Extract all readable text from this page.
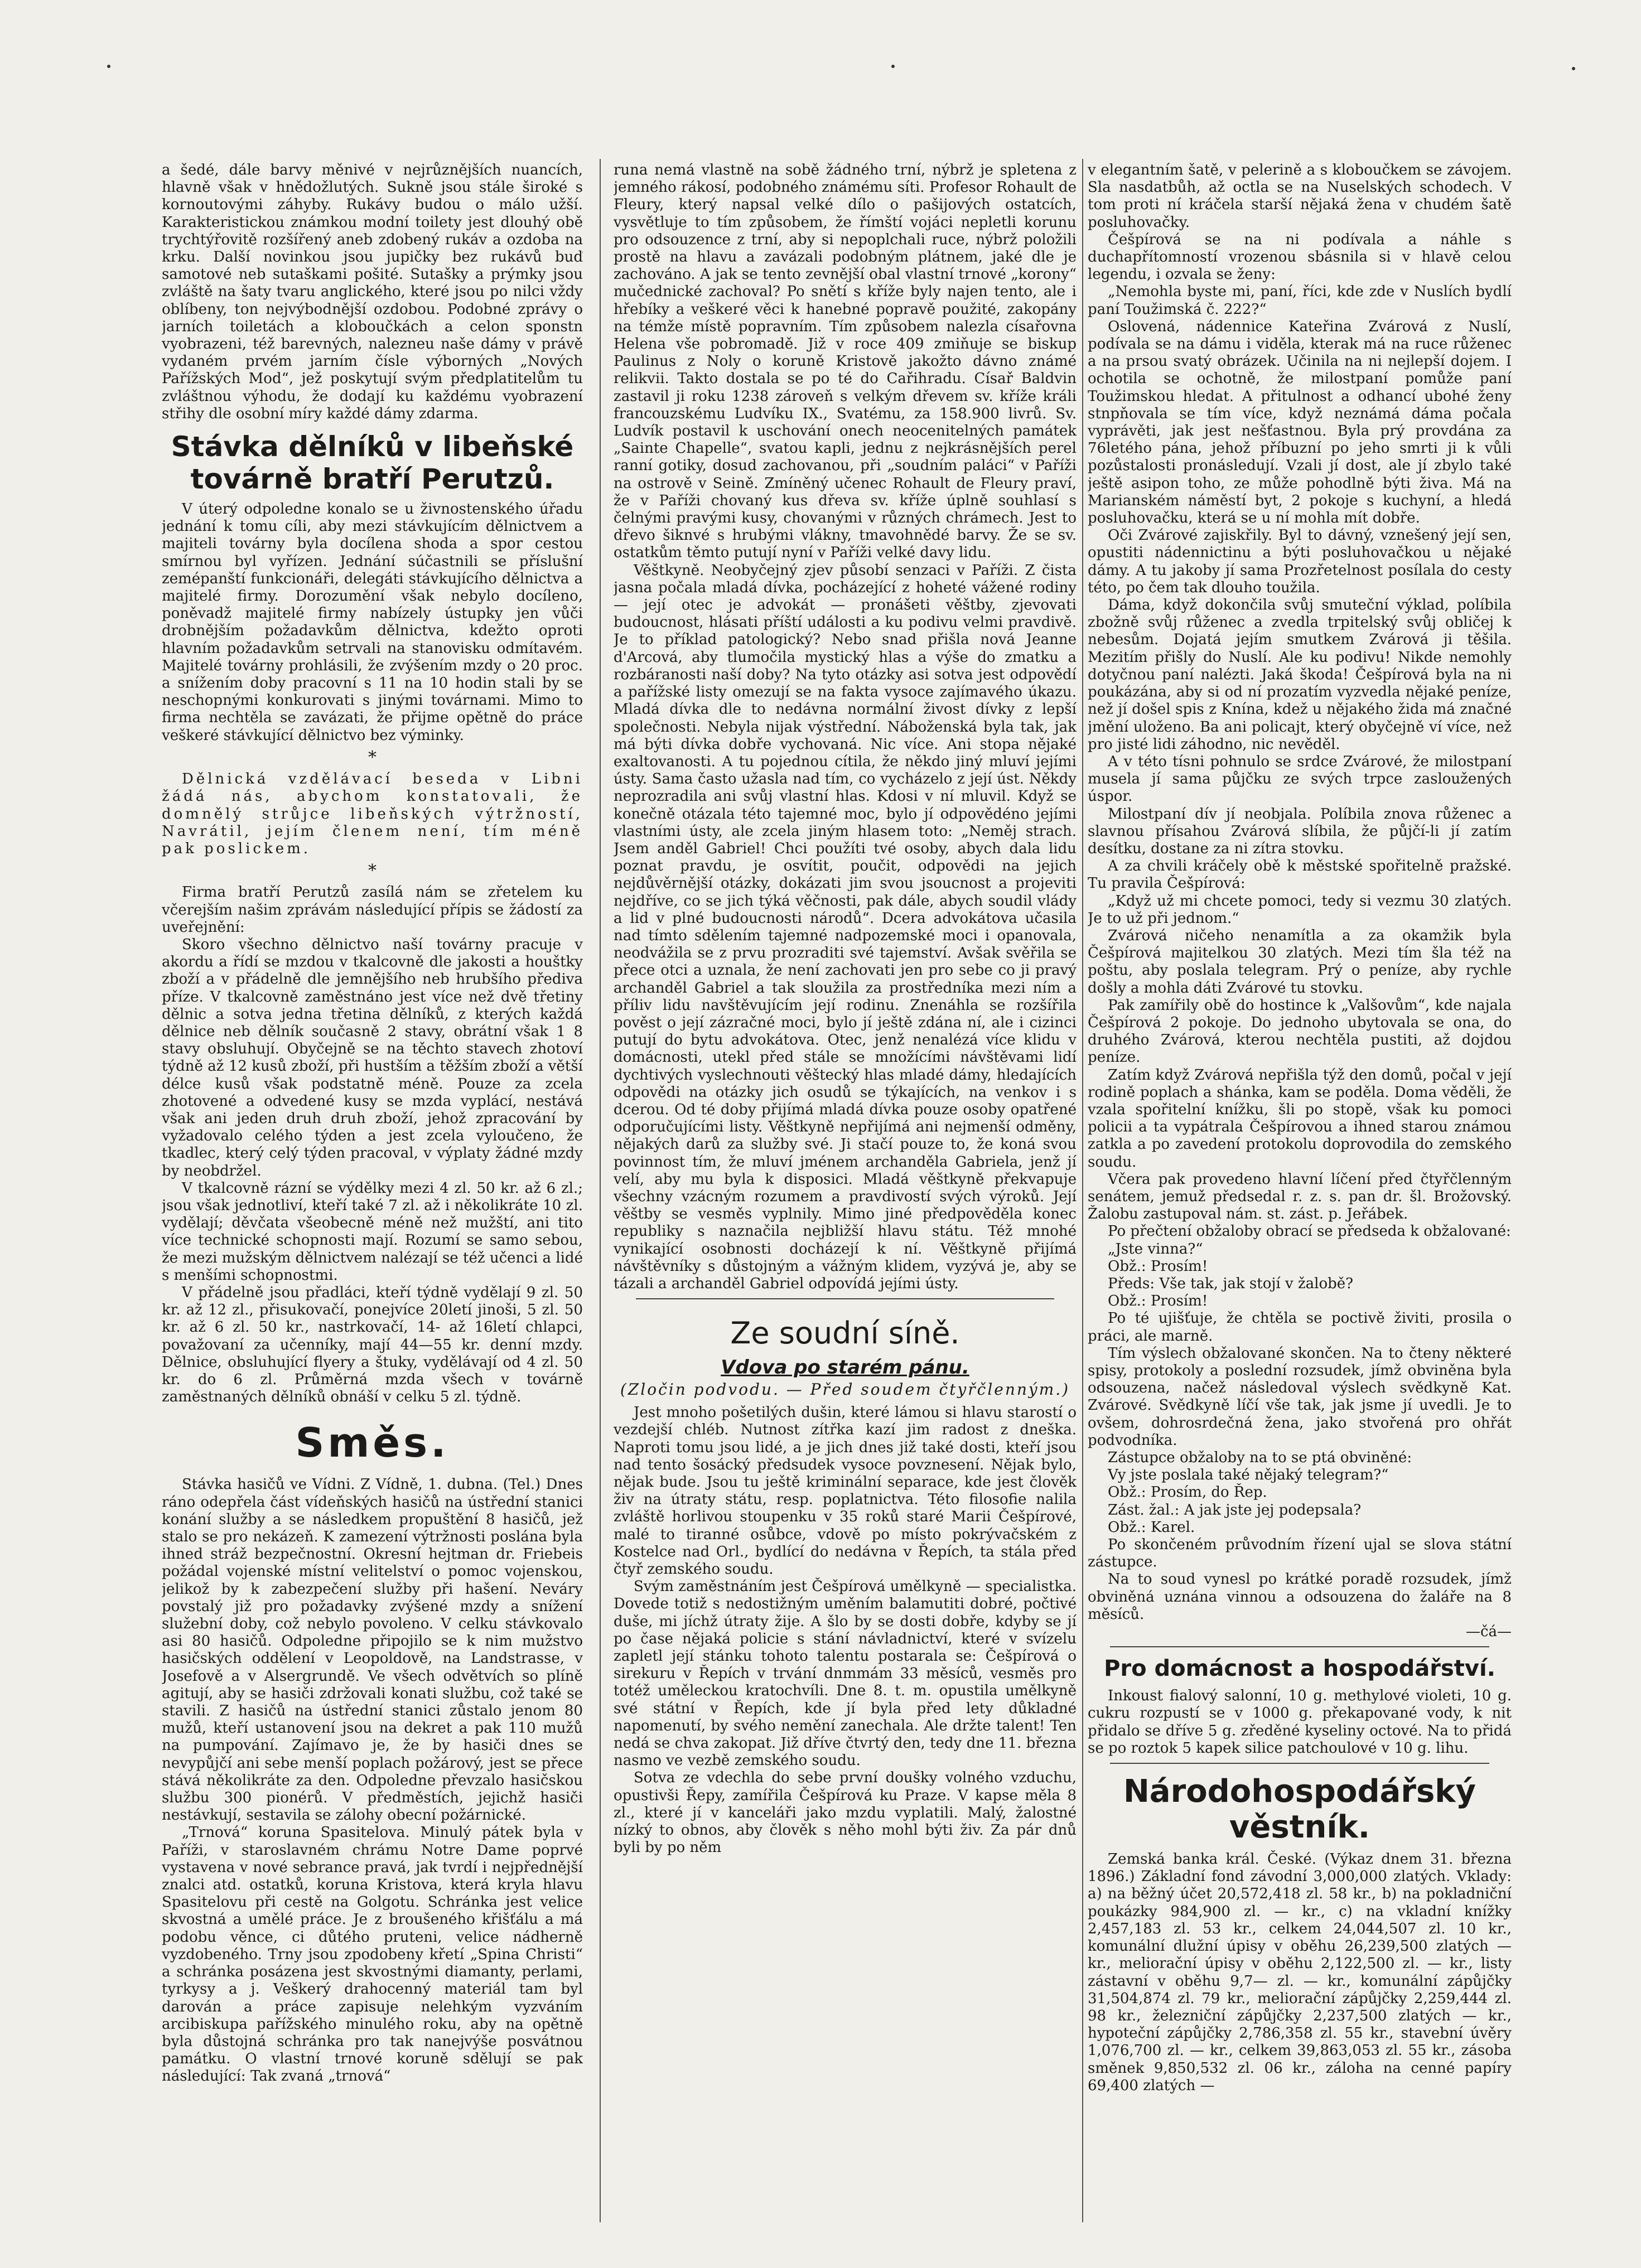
a šedé, dále barvy měnivé v nejrůznějších nuancích, hlavně však v hnědožlutých. Sukně jsou stále široké s kornoutovými záhyby. Rukávy budou o málo užší. Karakteristickou známkou modní toilety jest dlouhý obě trychtýřovitě rozšířený aneb zdobený rukáv a ozdoba na krku. Další novinkou jsou jupičky bez rukávů buď samotové neb sutaškami pošité. Sutašky a prýmky jsou zvláště na šaty tvaru anglického, které jsou po nilci vždy oblíbeny, ton nejvýbodnější ozdobou. Podobné zprávy o jarních toiletách a kloboučkách a celon sponstn vyobrazeni, též barevných, nalezneu naše dámy v právě vydaném prvém jarním čísle výborných „Nových Pařížských Mod“, jež poskytují svým předplatitelům tu zvláštnou výhodu, že dodají ku každému vyobrazení střihy dle osobní míry každé dámy zdarma.

Stávka dělníků v libeňské továrně bratří Perutzů.

V úterý odpoledne konalo se u živnostenského úřadu jednání k tomu cíli, aby mezi stávkujícím dělnictvem a majiteli továrny byla docílena shoda a spor cestou smírnou byl vyřízen. Jednání súčastnili se příslušní zemépanští funkcionáři, delegáti stávkujícího dělnictva a majitelé firmy. Dorozumění však nebylo docíleno, poněvadž majitelé firmy nabízely ústupky jen vůči drobnějším požadavkům dělnictva, kdežto oproti hlavním požadavkům setrvali na stanovisku odmítavém. Majitelé továrny prohlásili, že zvýšením mzdy o 20 proc. a snížením doby pracovní s 11 na 10 hodin stali by se neschopnými konkurovati s jinými továrnami. Mimo to firma nechtěla se zavázati, že přijme opětně do práce veškeré stávkující dělnictvo bez výminky.

*

Dělnická vzdělávací beseda v Libni žádá nás, abychom konstatovali, že domnělý strůjce libeňských výtržností, Navrátil, jejím členem není, tím méně pak poslickem.

*

Firma bratří Perutzů zasílá nám se zřetelem ku včerejším našim zprávám následující přípis se žádostí za uveřejnění:

Skoro všechno dělnictvo naší továrny pracuje v akordu a řídí se mzdou v tkalcovně dle jakosti a houštky zboží a v přádelně dle jemnějšího neb hrubšího přediva příze. V tkalcovně zaměstnáno jest více než dvě třetiny dělnic a sotva jedna třetina dělníků, z kterých každá dělnice neb dělník současně 2 stavy, obrátní však 1 8 stavy obsluhují. Obyčejně se na těchto stavech zhotoví týdně až 12 kusů zboží, při hustším a těžším zboží a větší délce kusů však podstatně méně. Pouze za zcela zhotovené a odvedené kusy se mzda vyplácí, nestává však ani jeden druh druh zboží, jehož zpracování by vyžadovalo celého týden a jest zcela vyloučeno, že tkadlec, který celý týden pracoval, v výplaty žádné mzdy by neobdržel.

V tkalcovně rázní se výdělky mezi 4 zl. 50 kr. až 6 zl.; jsou však jednotliví, kteří také 7 zl. až i několikráte 10 zl. vydělají; děvčata všeobecně méně než mužští, ani tito více technické schopnosti mají. Rozumí se samo sebou, že mezi mužským dělnictvem nalézají se též učenci a lidé s menšími schopnostmi.

V přádelně jsou přadláci, kteří týdně vydělají 9 zl. 50 kr. až 12 zl., přisukovačí, ponejvíce 20letí jinoši, 5 zl. 50 kr. až 6 zl. 50 kr., nastrkovačí, 14- až 16letí chlapci, považovaní za učenníky, mají 44—55 kr. denní mzdy. Dělnice, obsluhující flyery a štuky, vydělávají od 4 zl. 50 kr. do 6 zl. Průměrná mzda všech v továrně zaměstnaných dělníků obnáší v celku 5 zl. týdně.

Směs.

Stávka hasičů ve Vídni. Z Vídně, 1. dubna. (Tel.) Dnes ráno odepřela část vídeňských hasičů na ústřední stanici konání služby a se následkem propuštění 8 hasičů, jež stalo se pro nekázeň. K zamezení výtržnosti poslána byla ihned stráž bezpečnostní. Okresní hejtman dr. Friebeis požádal vojenské místní velitelství o pomoc vojenskou, jelikož by k zabezpečení služby při hašení. Neváry povstalý již pro požadavky zvýšené mzdy a snížení služební doby, což nebylo povoleno. V celku stávkovalo asi 80 hasičů. Odpoledne připojilo se k nim mužstvo hasičských oddělení v Leopoldově, na Landstrasse, v Josefově a v Alsergrundě. Ve všech odvětvích so plíně agitují, aby se hasiči zdržovali konati službu, což také se stavili. Z hasičů na ústřední stanici zůstalo jenom 80 mužů, kteří ustanovení jsou na dekret a pak 110 mužů na pumpování. Zajímavo je, že by hasiči dnes se nevypůjčí ani sebe menší poplach požárový, jest se přece stává několikráte za den. Odpoledne převzalo hasičskou službu 300 pionérů. V předměstích, jejichž hasiči nestávkují, sestavila se zálohy obecní požárnické.

„Trnová“ koruna Spasitelova. Minulý pátek byla v Paříži, v staroslavném chrámu Notre Dame poprvé vystavena v nové sebrance pravá, jak tvrdí i nejpřednější znalci atd. ostatků, koruna Kristova, která kryla hlavu Spasitelovu při cestě na Golgotu. Schránka jest velice skvostná a umělé práce. Je z broušeného křišťálu a má podobu věnce, ci důtého pruteni, velice nádherně vyzdobeného. Trny jsou zpodobeny křetí „Spina Christi“ a schránka posázena jest skvostnými diamanty, perlami, tyrkysy a j. Veškerý drahocenný materiál tam byl darován a práce zapisuje nelehkým vyzváním arcibiskupa pařížského minulého roku, aby na opětně byla důstojná schránka pro tak nanejvýše posvátnou památku. O vlastní trnové koruně sdělují se pak následující: Tak zvaná „trnová“

runa nemá vlastně na sobě žádného trní, nýbrž je spletena z jemného rákosí, podobného známému síti. Profesor Rohault de Fleury, který napsal velké dílo o pašijových ostatcích, vysvětluje to tím způsobem, že římští vojáci nepletli korunu pro odsouzence z trní, aby si nepoplchali ruce, nýbrž položili prostě na hlavu a zavázali podobným plátnem, jaké dle je zachováno. A jak se tento zevnější obal vlastní trnové „korony“ mučednické zachoval? Po snětí s kříže byly najen tento, ale i hřebíky a veškeré věci k hanebné popravě použité, zakopány na témže místě popravním. Tím způsobem nalezla císařovna Helena vše pobromadě. Již v roce 409 zmiňuje se biskup Paulinus z Noly o koruně Kristově jakožto dávno známé relikvii. Takto dostala se po té do Cařihradu. Císař Baldvin zastavil ji roku 1238 zároveň s velkým dřevem sv. kříže králi francouzskému Ludvíku IX., Svatému, za 158.900 livrů. Sv. Ludvík postavil k uschování onech neocenitelných památek „Sainte Chapelle“, svatou kapli, jednu z nejkrásnějších perel ranní gotiky, dosud zachovanou, při „soudním paláci“ v Paříži na ostrově v Seině. Zmíněný učenec Rohault de Fleury praví, že v Paříži chovaný kus dřeva sv. kříže úplně souhlasí s čelnými pravými kusy, chovanými v různých chrámech. Jest to dřevo šiknvé s hrubými vlákny, tmavohnědé barvy. Že se sv. ostatkům těmto putují nyní v Paříži velké davy lidu.

Věštkyně. Neobyčejný zjev působí senzaci v Paříži. Z čista jasna počala mladá dívka, pocházející z hoheté vážené rodiny — její otec je advokát — pronášeti věštby, zjevovati budoucnost, hlásati příští události a ku podivu velmi pravdivě. Je to příklad patologický? Nebo snad přišla nová Jeanne d'Arcová, aby tlumočila mystický hlas a výše do zmatku a rozbáranosti naší doby? Na tyto otázky asi sotva jest odpovědí a pařížské listy omezují se na fakta vysoce zajímavého úkazu. Mladá dívka dle to nedávna normální živost dívky z lepší společnosti. Nebyla nijak výstřední. Náboženská byla tak, jak má býti dívka dobře vychovaná. Nic více. Ani stopa nějaké exaltovanosti. A tu pojednou cítila, že někdo jiný mluví jejími ústy. Sama často užasla nad tím, co vycházelo z její úst. Někdy neprozradila ani svůj vlastní hlas. Kdosi v ní mluvil. Když se konečně otázala této tajemné moc, bylo jí odpovědéno jejími vlastními ústy, ale zcela jiným hlasem toto: „Neměj strach. Jsem anděl Gabriel! Chci použíti tvé osoby, abych dala lidu poznat pravdu, je osvítit, poučit, odpovědi na jejich nejdůvěrnější otázky, dokázati jim svou jsoucnost a projeviti nejdříve, co se jich týká věčnosti, pak dále, abych soudil vlády a lid v plné budoucnosti národů“. Dcera advokátova učasila nad tímto sdělením tajemné nadpozemské moci i opanovala, neodvážila se z prvu prozraditi své tajemství. Avšak svěřila se přece otci a uznala, že není zachovati jen pro sebe co ji pravý archanděl Gabriel a tak sloužila za prostředníka mezi ním a příliv lidu navštěvujícím její rodinu. Znenáhla se rozšířila pověst o její zázračné moci, bylo jí ještě zdána ní, ale i cizinci putují do bytu advokátova. Otec, jenž nenalézá více klidu v domácnosti, utekl před stále se množícími návštěvami lidí dychtivých vyslechnouti věštecký hlas mladé dámy, hledajících odpovědi na otázky jich osudů se týkajících, na venkov i s dcerou. Od té doby přijímá mladá dívka pouze osoby opatřené odporučujícími listy. Věštkyně nepřijímá ani nejmenší odměny, nějakých darů za služby své. Ji stačí pouze to, že koná svou povinnost tím, že mluví jménem archanděla Gabriela, jenž jí velí, aby mu byla k disposici. Mladá věštkyně překvapuje všechny vzácným rozumem a pravdivostí svých výroků. Její věštby se vesměs vyplnily. Mimo jiné předpověděla konec republiky s naznačila nejbližší hlavu státu. Též mnohé vynikající osobnosti docházejí k ní. Věštkyně přijímá návštěvníky s důstojným a vážným klidem, vyzývá je, aby se tázali a archanděl Gabriel odpovídá jejími ústy.

Ze soudní síně.
Vdova po starém pánu.
(Zločin podvodu. — Před soudem čtyřčlenným.)

Jest mnoho pošetilých dušin, které lámou si hlavu starostí o vezdejší chléb. Nutnost zítřka kazí jim radost z dneška. Naproti tomu jsou lidé, a je jich dnes již také dosti, kteří jsou nad tento šosácký předsudek vysoce povznesení. Nějak bylo, nějak bude. Jsou tu ještě kriminální separace, kde jest člověk živ na útraty státu, resp. poplatnictva. Této filosofie nalila zvláště horlivou stoupenku v 35 roků staré Marii Češpírové, malé to tiranné osůbce, vdově po místo pokrývačském z Kostelce nad Orl., bydlící do nedávna v Řepích, ta stála před čtyř zemského soudu.

Svým zaměstnáním jest Češpírová umělkyně — specialistka. Dovede totiž s nedostižným uměním balamutiti dobré, počtivé duše, mi jíchž útraty žije. A šlo by se dosti dobře, kdyby se jí po čase nějaká policie s stání návladnictví, které v svízelu zapletl její stánku tohoto talentu postarala se: Češpírová o sirekuru v Řepích v trvání dnmmám 33 měsíců, vesměs pro totéž uměleckou kratochvíli. Dne 8. t. m. opustila umělkyně své státní v Řepích, kde jí byla před lety důkladné napomenutí, by svého nemění zanechala. Ale držte talent! Ten nedá se chva zakopat. Již dříve čtvrtý den, tedy dne 11. března nasmo ve vezbě zemského soudu.

Sotva ze vdechla do sebe první doušky volného vzduchu, opustivši Řepy, zamířila Češpírová ku Praze. V kapse měla 8 zl., které jí v kanceláři jako mzdu vyplatili. Malý, žalostné nízký to obnos, aby člověk s něho mohl býti živ. Za pár dnů byli by po něm

v elegantním šatě, v pelerině a s kloboučkem se závojem. Sla nasdatbůh, až octla se na Nuselských schodech. V tom proti ní kráčela starší nějaká žena v chudém šatě posluhovačky.

Češpírová se na ni podívala a náhle s duchapřítomností vrozenou sbásnila si v hlavě celou legendu, i ozvala se ženy:

„Nemohla byste mi, paní, říci, kde zde v Nuslích bydlí paní Toužimská č. 222?“

Oslovená, nádennice Kateřina Zvárová z Nuslí, podívala se na dámu i viděla, kterak má na ruce růženec a na prsou svatý obrázek. Učinila na ni nejlepší dojem. I ochotila se ochotně, že milostpaní pomůže paní Toužimskou hledat. A přitulnost a odhancí ubohé ženy stnpňovala se tím více, když neznámá dáma počala vyprávěti, jak jest nešťastnou. Byla prý provdána za 76letého pána, jehož příbuzní po jeho smrti ji k vůli pozůstalosti pronásledují. Vzali jí dost, ale jí zbylo také ještě asipon toho, ze může pohodlně býti živa. Má na Marianském náměstí byt, 2 pokoje s kuchyní, a hledá posluhovačku, která se u ní mohla mít dobře.

Oči Zvárové zajiskřily. Byl to dávný, vznešený její sen, opustiti nádennictinu a býti posluhovačkou u nějaké dámy. A tu jakoby jí sama Prozřetelnost posílala do cesty této, po čem tak dlouho toužila.

Dáma, když dokončila svůj smuteční výklad, políbila zbožně svůj růženec a zvedla trpitelský svůj obličej k nebesům. Dojatá jejím smutkem Zvárová ji těšila. Mezitím přišly do Nuslí. Ale ku podivu! Nikde nemohly dotyčnou paní nalézti. Jaká škoda! Češpírová byla na ni poukázána, aby si od ní prozatím vyzvedla nějaké peníze, než jí došel spis z Knína, kdež u nějakého žida má značné jmění uloženo. Ba ani policajt, který obyčejně ví více, než pro jisté lidi záhodno, nic nevěděl.

A v této tísni pohnulo se srdce Zvárové, že milostpaní musela jí sama půjčku ze svých trpce zasloužených úspor.

Milostpaní dív jí neobjala. Políbila znova růženec a slavnou přísahou Zvárová slíbila, že půjčí-li jí zatím desítku, dostane za ni zítra stovku.

A za chvili kráčely obě k městské spořitelně pražské. Tu pravila Češpírová:

„Když už mi chcete pomoci, tedy si vezmu 30 zlatých. Je to už při jednom.“

Zvárová ničeho nenamítla a za okamžik byla Češpírová majitelkou 30 zlatých. Mezi tím šla též na poštu, aby poslala telegram. Prý o peníze, aby rychle došly a mohla dáti Zvárové tu stovku.

Pak zamířily obě do hostince k „Valšovům“, kde najala Češpírová 2 pokoje. Do jednoho ubytovala se ona, do druhého Zvárová, kterou nechtěla pustiti, až dojdou peníze.

Zatím když Zvárová nepřišla týž den domů, počal v její rodině poplach a shánka, kam se poděla. Doma věděli, že vzala spořitelní knížku, šli po stopě, však ku pomoci policii a ta vypátrala Češpírovou a ihned starou známou zatkla a po zavedení protokolu doprovodila do zemského soudu.

Včera pak provedeno hlavní líčení před čtyřčlenným senátem, jemuž předsedal r. z. s. pan dr. šl. Brožovský. Žalobu zastupoval nám. st. zást. p. Jeřábek.

Po přečtení obžaloby obrací se předseda k obžalované:

„Jste vinna?“

Obž.: Prosím!

Předs: Vše tak, jak stojí v žalobě?

Obž.: Prosím!

Po té ujišťuje, že chtěla se poctivě živiti, prosila o práci, ale marně.

Tím výslech obžalované skončen. Na to čteny některé spisy, protokoly a poslední rozsudek, jímž obviněna byla odsouzena, načež následoval výslech svědkyně Kat. Zvárové. Svědkyně líčí vše tak, jak jsme jí uvedli. Je to ovšem, dohrosrdečná žena, jako stvořená pro ohřát podvodníka.

Zástupce obžaloby na to se ptá obviněné:

Vy jste poslala také nějaký telegram?“

Obž.: Prosím, do Řep.

Zást. žal.: A jak jste jej podepsala?

Obž.: Karel.

Po skončeném průvodním řízení ujal se slova státní zástupce.

Na to soud vynesl po krátké poradě rozsudek, jímž obviněná uznána vinnou a odsouzena do žaláře na 8 měsíců.

—čá—

Pro domácnost a hospodářství.

Inkoust fialový salonní, 10 g. methylové violeti, 10 g. cukru rozpustí se v 1000 g. překapované vody, k nit přidalo se dříve 5 g. zředěné kyseliny octové. Na to přidá se po roztok 5 kapek silice patchoulové v 10 g. lihu.

Národohospodářský věstník.

Zemská banka král. České. (Výkaz dnem 31. března 1896.) Základní fond závodní 3,000,000 zlatých. Vklady: a) na běžný účet 20,572,418 zl. 58 kr., b) na pokladniční poukázky 984,900 zl. — kr., c) na vkladní knížky 2,457,183 zl. 53 kr., celkem 24,044,507 zl. 10 kr., komunální dlužní úpisy v oběhu 26,239,500 zlatých — kr., meliorační úpisy v oběhu 2,122,500 zl. — kr., listy zástavní v oběhu 9,7— zl. — kr., komunální zápůjčky 31,504,874 zl. 79 kr., meliorační zápůjčky 2,259,444 zl. 98 kr., železniční zápůjčky 2,237,500 zlatých — kr., hypoteční zápůjčky 2,786,358 zl. 55 kr., stavební úvěry 1,076,700 zl. — kr., celkem 39,863,053 zl. 55 kr., zásoba směnek 9,850,532 zl. 06 kr., záloha na cenné papíry 69,400 zlatých —
